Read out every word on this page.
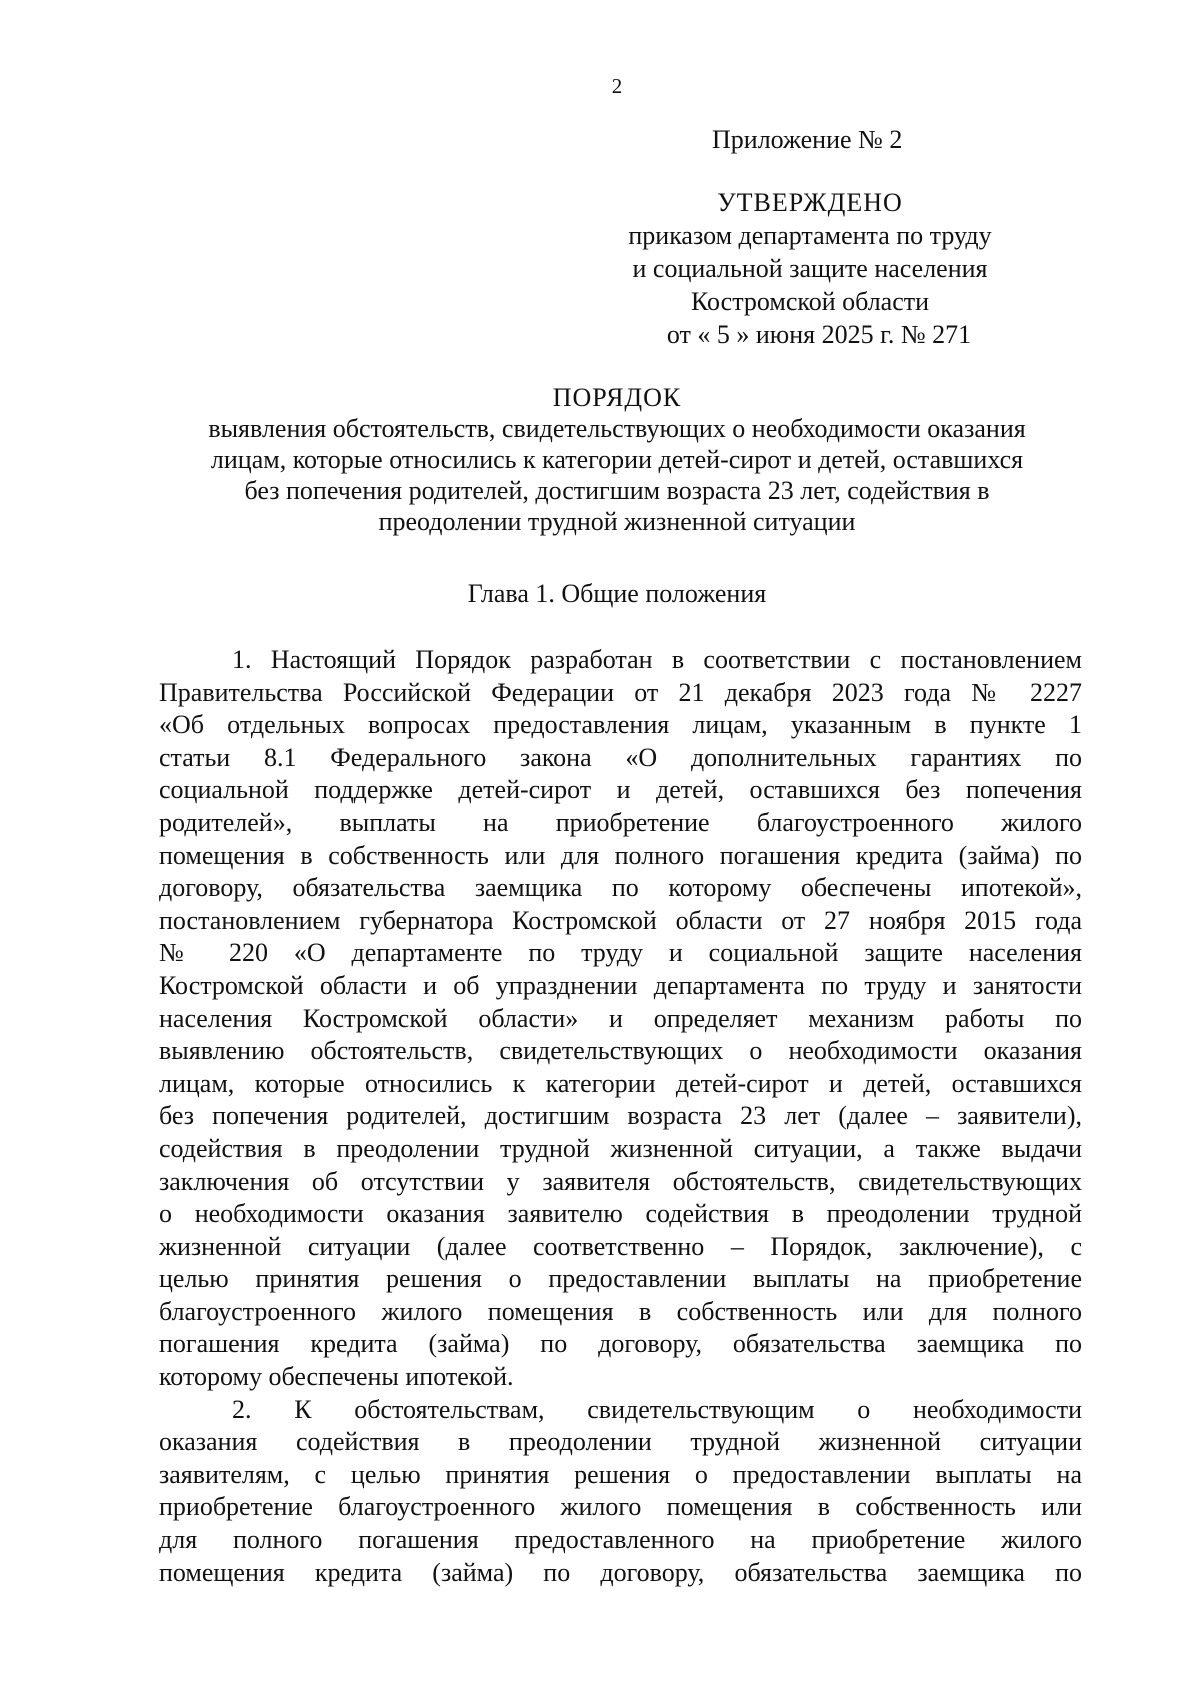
2
Приложение № 2
УТВЕРЖДЕНО
приказом департамента по труду
и социальной защите населения
Костромской области
от « 5 » июня 2025 г. № 271
ПОРЯДОК
выявления обстоятельств, свидетельствующих о необходимости оказания
лицам, которые относились к категории детей-сирот и детей, оставшихся
без попечения родителей, достигшим возраста 23 лет, содействия в
преодолении трудной жизненной ситуации
Глава 1. Общие положения
1. Настоящий Порядок разработан в соответствии с постановлением
Правительства Российской Федерации от 21 декабря 2023 года № 2227
«Об отдельных вопросах предоставления лицам, указанным в пункте 1
статьи 8.1 Федерального закона «О дополнительных гарантиях по
социальной поддержке детей-сирот и детей, оставшихся без попечения
родителей», выплаты на приобретение благоустроенного жилого
помещения в собственность или для полного погашения кредита (займа) по
договору, обязательства заемщика по которому обеспечены ипотекой»,
постановлением губернатора Костромской области от 27 ноября 2015 года
№ 220 «О департаменте по труду и социальной защите населения
Костромской области и об упразднении департамента по труду и занятости
населения Костромской области» и определяет механизм работы по
выявлению обстоятельств, свидетельствующих о необходимости оказания
лицам, которые относились к категории детей-сирот и детей, оставшихся
без попечения родителей, достигшим возраста 23 лет (далее – заявители),
содействия в преодолении трудной жизненной ситуации, а также выдачи
заключения об отсутствии у заявителя обстоятельств, свидетельствующих
о необходимости оказания заявителю содействия в преодолении трудной
жизненной ситуации (далее соответственно – Порядок, заключение), с
целью принятия решения о предоставлении выплаты на приобретение
благоустроенного жилого помещения в собственность или для полного
погашения кредита (займа) по договору, обязательства заемщика по
которому обеспечены ипотекой.
2. К обстоятельствам, свидетельствующим о необходимости
оказания содействия в преодолении трудной жизненной ситуации
заявителям, с целью принятия решения о предоставлении выплаты на
приобретение благоустроенного жилого помещения в собственность или
для полного погашения предоставленного на приобретение жилого
помещения кредита (займа) по договору, обязательства заемщика по
